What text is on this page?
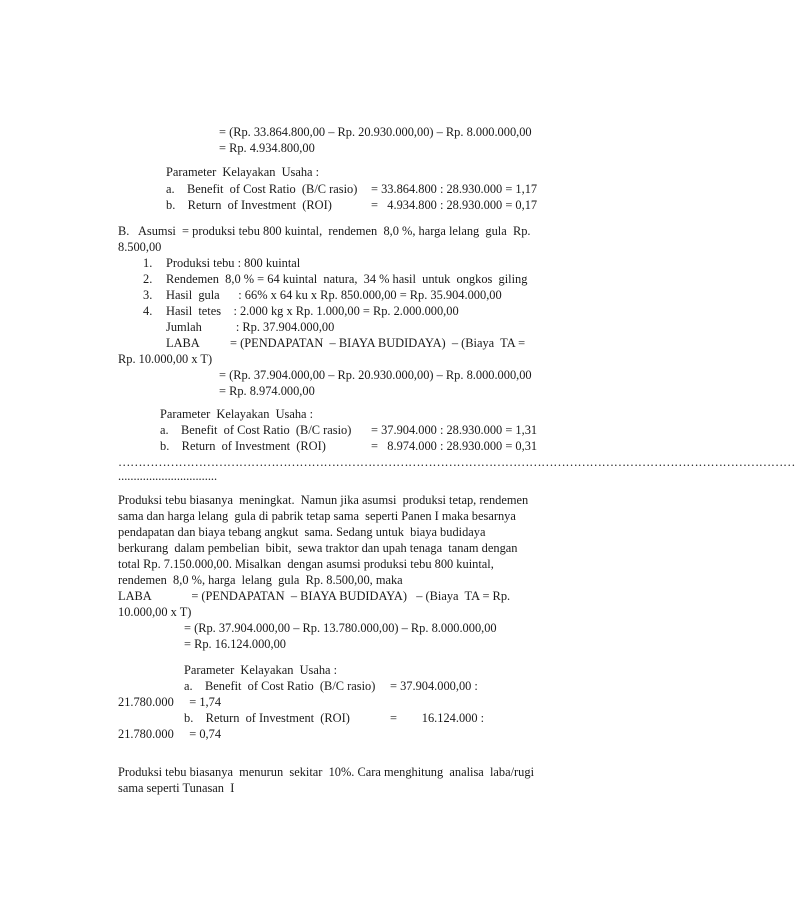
= (Rp. 33.864.800,00 – Rp. 20.930.000,00) – Rp. 8.000.000,00
= Rp. 4.934.800,00
Parameter  Kelayakan  Usaha :
a.    Benefit  of Cost Ratio  (B/C rasio) = 33.864.800 : 28.930.000 = 1,17
b.    Return  of Investment  (ROI)	=   4.934.800 : 28.930.000 = 0,17
B.   Asumsi  = produksi tebu 800 kuintal,  rendemen  8,0 %, harga lelang  gula  Rp.
8.500,00
1. Produksi tebu : 800 kuintal
2. Rendemen  8,0 % = 64 kuintal  natura,  34 % hasil  untuk  ongkos  giling
3. Hasil  gula      : 66% x 64 ku x Rp. 850.000,00 = Rp. 35.904.000,00
4. Hasil  tetes    : 2.000 kg x Rp. 1.000,00 = Rp. 2.000.000,00
Jumlah           : Rp. 37.904.000,00
LABA          = (PENDAPATAN  – BIAYA BUDIDAYA)  – (Biaya  TA =
Rp. 10.000,00 x T)
= (Rp. 37.904.000,00 – Rp. 20.930.000,00) – Rp. 8.000.000,00
= Rp. 8.974.000,00
Parameter  Kelayakan  Usaha :
a.    Benefit  of Cost Ratio  (B/C rasio) = 37.904.000 : 28.930.000 = 1,31
b.    Return  of Investment  (ROI)	=   8.974.000 : 28.930.000 = 0,31
……………………………………………………………………………………………………………………………………………………
................................
Produksi tebu biasanya  meningkat.  Namun jika asumsi  produksi tetap, rendemen
sama dan harga lelang  gula di pabrik tetap sama  seperti Panen I maka besarnya
pendapatan dan biaya tebang angkut  sama. Sedang untuk  biaya budidaya
berkurang  dalam pembelian  bibit,  sewa traktor dan upah tenaga  tanam dengan
total Rp. 7.150.000,00. Misalkan  dengan asumsi produksi tebu 800 kuintal,
rendemen  8,0 %, harga  lelang  gula  Rp. 8.500,00, maka
LABA             = (PENDAPATAN  – BIAYA BUDIDAYA)   – (Biaya  TA = Rp.
10.000,00 x T)
= (Rp. 37.904.000,00 – Rp. 13.780.000,00) – Rp. 8.000.000,00
= Rp. 16.124.000,00
Parameter  Kelayakan  Usaha :
a.    Benefit  of Cost Ratio  (B/C rasio) = 37.904.000,00 :
21.780.000     = 1,74
b.    Return  of Investment  (ROI)	=        16.124.000 :
21.780.000     = 0,74
Produksi tebu biasanya  menurun  sekitar  10%. Cara menghitung  analisa  laba/rugi
sama seperti Tunasan  I
